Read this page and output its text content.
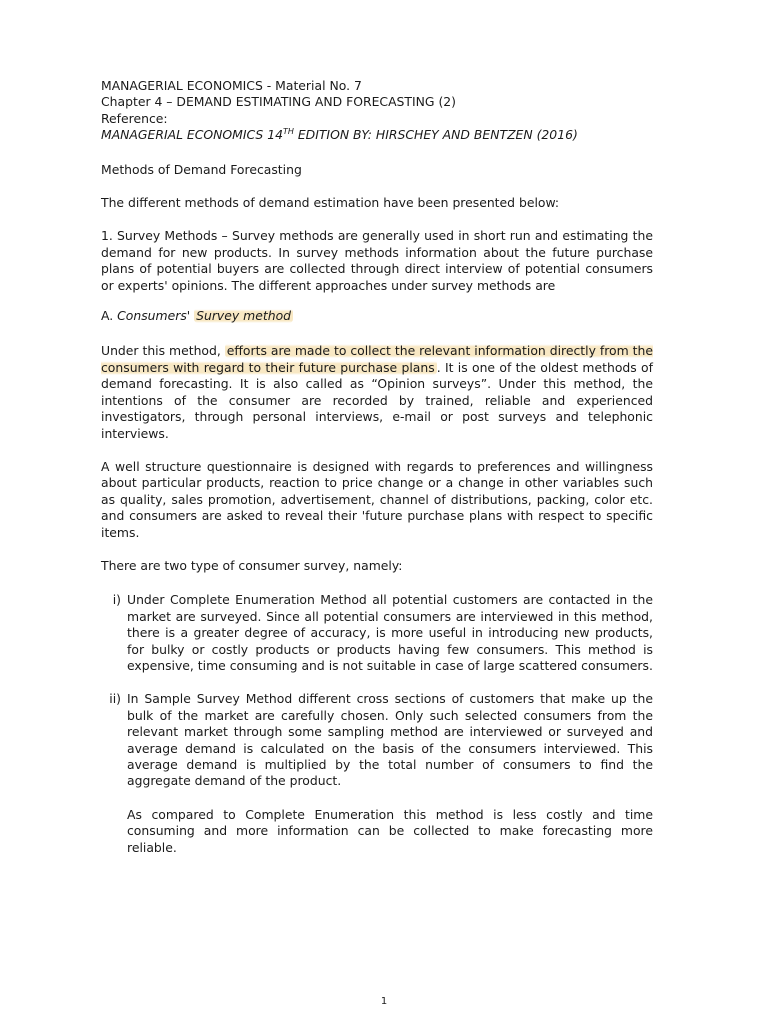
MANAGERIAL ECONOMICS - Material No. 7

Chapter 4 – DEMAND ESTIMATING AND FORECASTING (2)

Reference:

MANAGERIAL ECONOMICS 14TH EDITION BY: HIRSCHEY AND BENTZEN (2016)

Methods of Demand Forecasting

The different methods of demand estimation have been presented below:

1. Survey Methods – Survey methods are generally used in short run and estimating the demand for new products. In survey methods information about the future purchase plans of potential buyers are collected through direct interview of potential consumers or experts' opinions. The different approaches under survey methods are

A. Consumers' Survey method

Under this method, efforts are made to collect the relevant information directly from the consumers with regard to their future purchase plans . It is one of the oldest methods of demand forecasting. It is also called as “Opinion surveys”. Under this method, the intentions of the consumer are recorded by trained, reliable and experienced investigators, through personal interviews, e-mail or post surveys and telephonic interviews.

A well structure questionnaire is designed with regards to preferences and willingness about particular products, reaction to price change or a change in other variables such as quality, sales promotion, advertisement, channel of distributions, packing, color etc. and consumers are asked to reveal their 'future purchase plans with respect to specific items.

There are two type of consumer survey, namely:

i) Under Complete Enumeration Method all potential customers are contacted in the market are surveyed. Since all potential consumers are interviewed in this method, there is a greater degree of accuracy, is more useful in introducing new products, for bulky or costly products or products having few consumers. This method is expensive, time consuming and is not suitable in case of large scattered consumers.
ii) In Sample Survey Method different cross sections of customers that make up the bulk of the market are carefully chosen. Only such selected consumers from the relevant market through some sampling method are interviewed or surveyed and average demand is calculated on the basis of the consumers interviewed. This average demand is multiplied by the total number of consumers to find the aggregate demand of the product.

As compared to Complete Enumeration this method is less costly and time consuming and more information can be collected to make forecasting more reliable.

1
